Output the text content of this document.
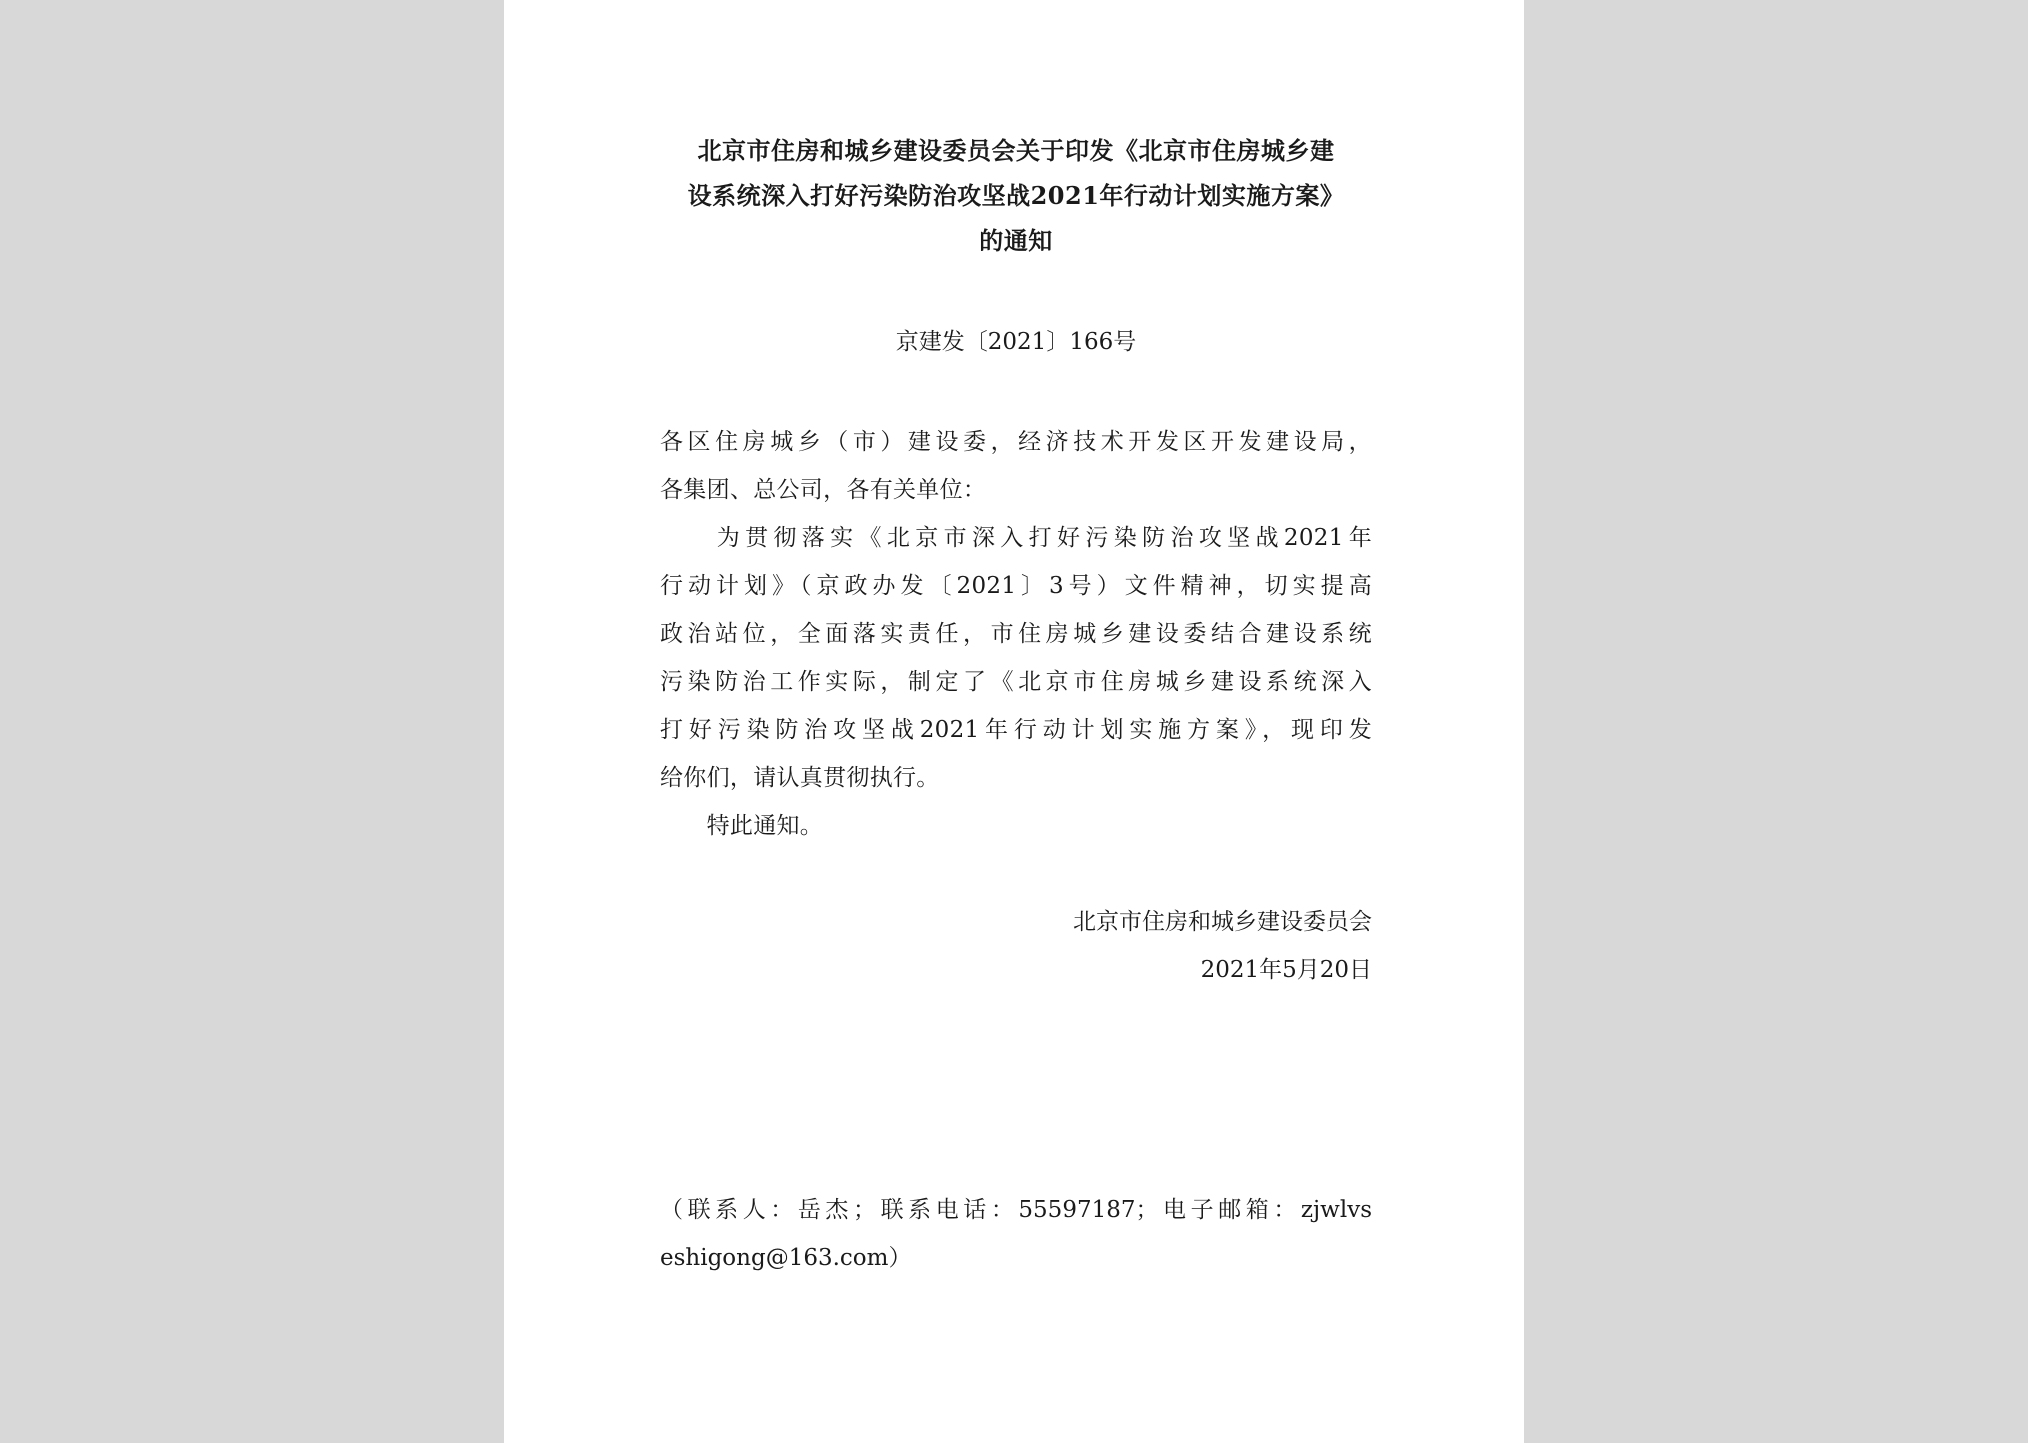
北京市住房和城乡建设委员会关于印发《北京市住房城乡建
设系统深入打好污染防治攻坚战2021年行动计划实施方案》
的通知
京建发〔2021〕166号
各区住房城乡（市）建设委，经济技术开发区开发建设局，
各集团、总公司，各有关单位：
　　为贯彻落实《北京市深入打好污染防治攻坚战2021年
行动计划》（京政办发〔2021〕3号）文件精神，切实提高
政治站位，全面落实责任，市住房城乡建设委结合建设系统
污染防治工作实际，制定了《北京市住房城乡建设系统深入
打好污染防治攻坚战2021年行动计划实施方案》，现印发
给你们，请认真贯彻执行。
　　特此通知。
北京市住房和城乡建设委员会
2021年5月20日
（联系人：岳杰；联系电话：55597187；电子邮箱：zjwlvs
eshigong@163.com）
